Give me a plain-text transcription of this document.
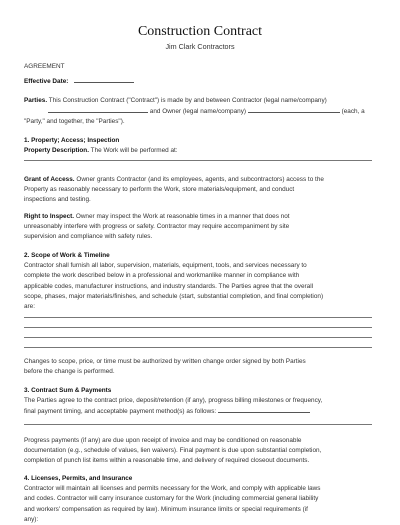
Construction Contract
Jim Clark Contractors
AGREEMENT
Effective Date:
Parties. This Construction Contract ("Contract") is made by and between Contractor (legal name/company)
and Owner (legal name/company)	(each, a
"Party," and together, the "Parties").
1. Property; Access; Inspection
Property Description. The Work will be performed at:
Grant of Access. Owner grants Contractor (and its employees, agents, and subcontractors) access to the
Property as reasonably necessary to perform the Work, store materials/equipment, and conduct
inspections and testing.
Right to Inspect. Owner may inspect the Work at reasonable times in a manner that does not
unreasonably interfere with progress or safety. Contractor may require accompaniment by site
supervision and compliance with safety rules.
2. Scope of Work & Timeline
Contractor shall furnish all labor, supervision, materials, equipment, tools, and services necessary to
complete the work described below in a professional and workmanlike manner in compliance with
applicable codes, manufacturer instructions, and industry standards. The Parties agree that the overall
scope, phases, major materials/finishes, and schedule (start, substantial completion, and final completion)
are:
Changes to scope, price, or time must be authorized by written change order signed by both Parties
before the change is performed.
3. Contract Sum & Payments
The Parties agree to the contract price, deposit/retention (if any), progress billing milestones or frequency,
final payment timing, and acceptable payment method(s) as follows:
Progress payments (if any) are due upon receipt of invoice and may be conditioned on reasonable
documentation (e.g., schedule of values, lien waivers). Final payment is due upon substantial completion,
completion of punch list items within a reasonable time, and delivery of required closeout documents.
4. Licenses, Permits, and Insurance
Contractor will maintain all licenses and permits necessary for the Work, and comply with applicable laws
and codes. Contractor will carry insurance customary for the Work (including commercial general liability
and workers' compensation as required by law). Minimum insurance limits or special requirements (if
any):
